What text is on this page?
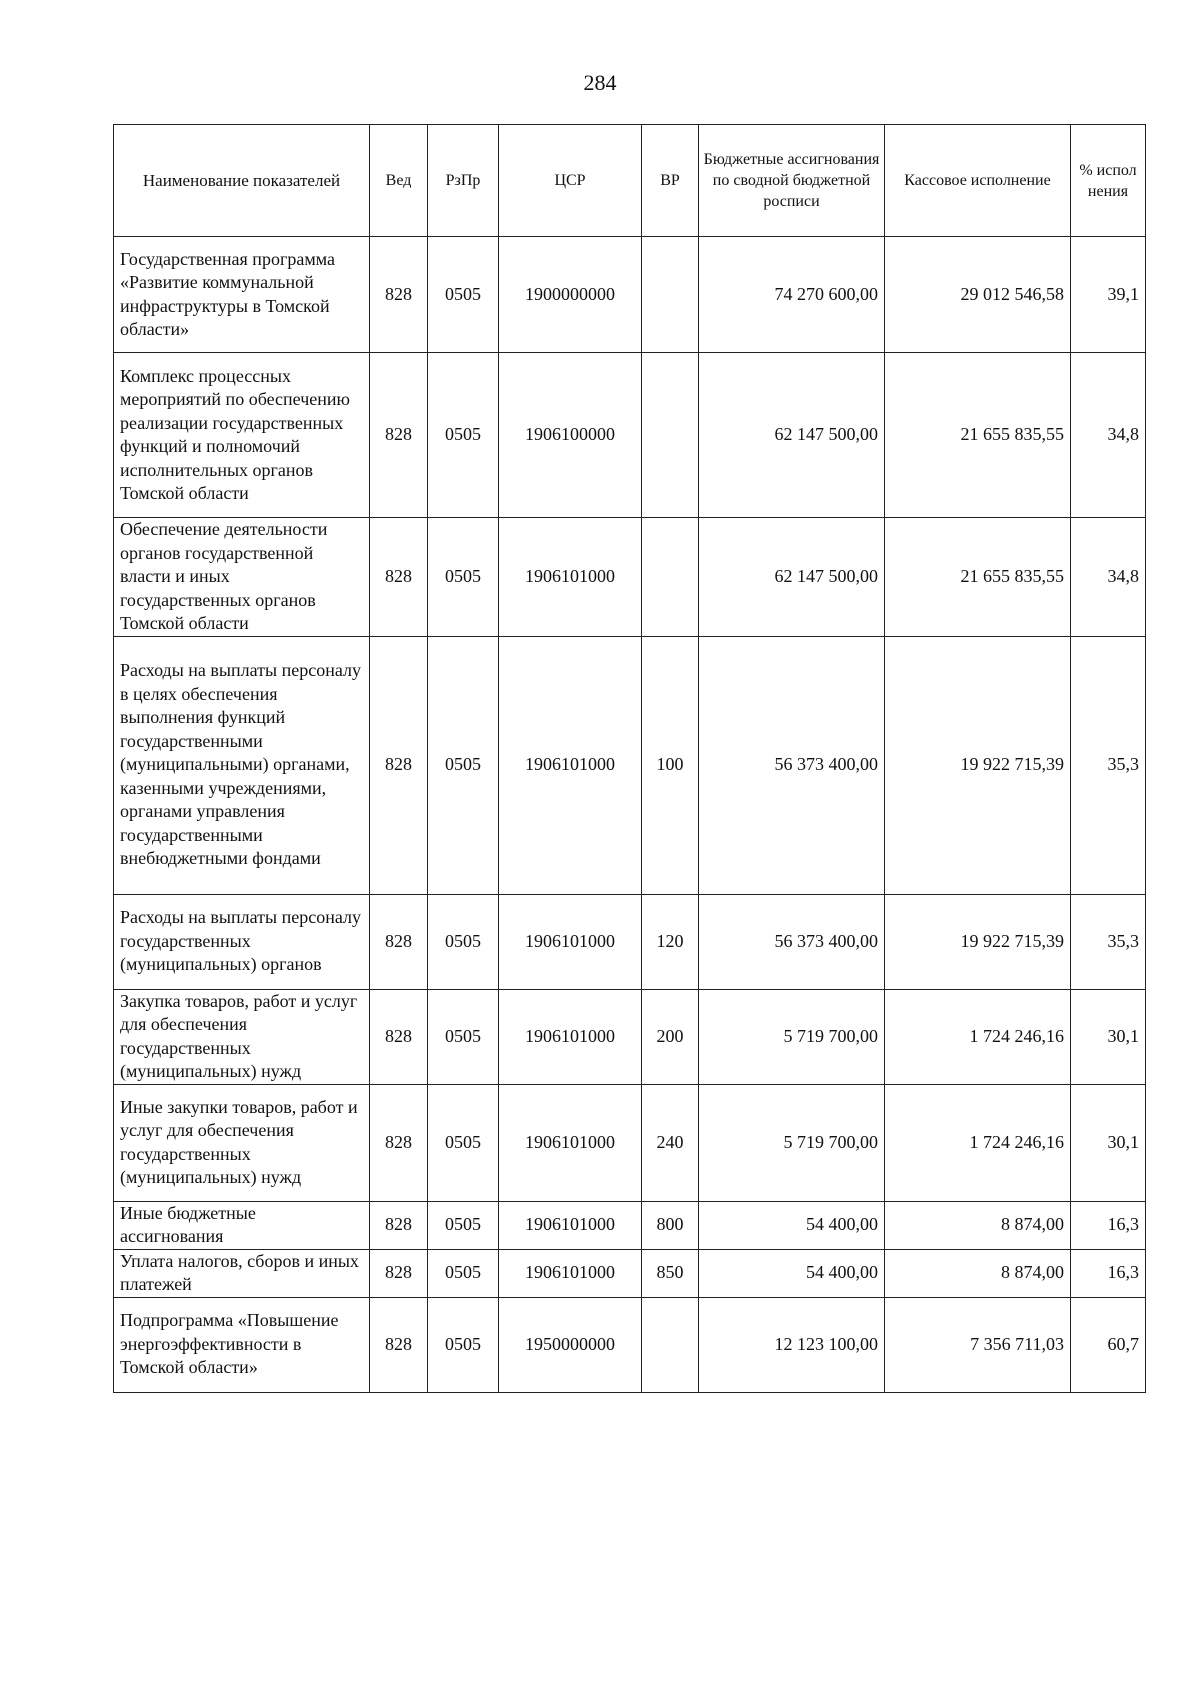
284
Наименование показателей	Вед	РзПр	ЦСР	ВР	Бюджетные ассигнования по сводной бюджетной росписи	Кассовое исполнение	% испол нения
Государственная программа «Развитие коммунальной инфраструктуры в Томской области»	828	0505	1900000000		74 270 600,00	29 012 546,58	39,1
Комплекс процессных мероприятий по обеспечению реализации государственных функций и полномочий исполнительных органов Томской области	828	0505	1906100000		62 147 500,00	21 655 835,55	34,8
Обеспечение деятельности органов государственной власти и иных государственных органов Томской области	828	0505	1906101000		62 147 500,00	21 655 835,55	34,8
Расходы на выплаты персоналу в целях обеспечения выполнения функций государственными (муниципальными) органами, казенными учреждениями, органами управления государственными внебюджетными фондами	828	0505	1906101000	100	56 373 400,00	19 922 715,39	35,3
Расходы на выплаты персоналу государственных (муниципальных) органов	828	0505	1906101000	120	56 373 400,00	19 922 715,39	35,3
Закупка товаров, работ и услуг для обеспечения государственных (муниципальных) нужд	828	0505	1906101000	200	5 719 700,00	1 724 246,16	30,1
Иные закупки товаров, работ и услуг для обеспечения государственных (муниципальных) нужд	828	0505	1906101000	240	5 719 700,00	1 724 246,16	30,1
Иные бюджетные ассигнования	828	0505	1906101000	800	54 400,00	8 874,00	16,3
Уплата налогов, сборов и иных платежей	828	0505	1906101000	850	54 400,00	8 874,00	16,3
Подпрограмма «Повышение энергоэффективности в Томской области»	828	0505	1950000000		12 123 100,00	7 356 711,03	60,7
